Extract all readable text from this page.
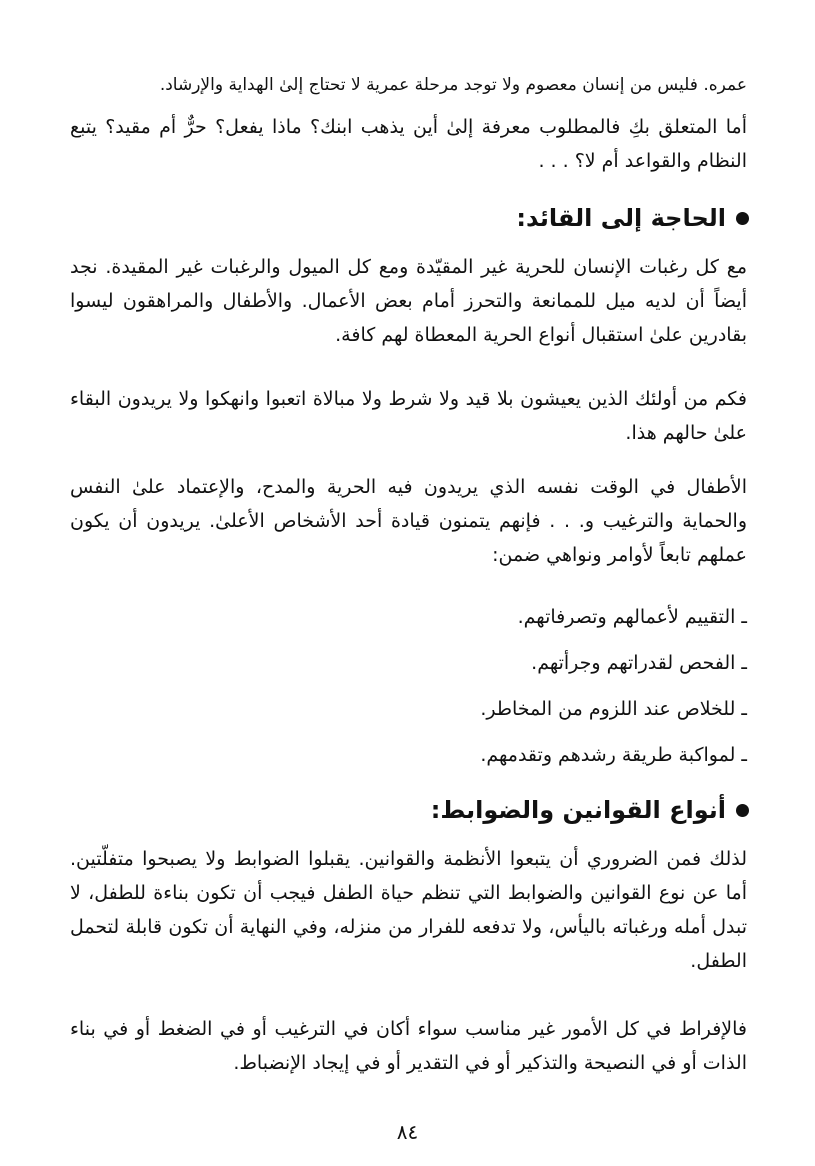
عمره. فليس من إنسان معصوم ولا توجد مرحلة عمرية لا تحتاج إلىٰ الهداية والإرشاد.

أما المتعلق بكِ فالمطلوب معرفة إلىٰ أين يذهب ابنك؟ ماذا يفعل؟ حرٌّ أم مقيد؟ يتبع النظام والقواعد أم لا؟ . . .

الحاجة إلى القائد:

مع كل رغبات الإنسان للحرية غير المقيّدة ومع كل الميول والرغبات غير المقيدة. نجد أيضاً أن لديه ميل للممانعة والتحرز أمام بعض الأعمال. والأطفال والمراهقون ليسوا بقادرين علىٰ استقبال أنواع الحرية المعطاة لهم كافة.

فكم من أولئك الذين يعيشون بلا قيد ولا شرط ولا مبالاة اتعبوا وانهكوا ولا يريدون البقاء علىٰ حالهم هذا.

الأطفال في الوقت نفسه الذي يريدون فيه الحرية والمدح، والإعتماد علىٰ النفس والحماية والترغيب و. . . فإنهم يتمنون قيادة أحد الأشخاص الأعلىٰ. يريدون أن يكون عملهم تابعاً لأوامر ونواهي ضمن:

ـ التقييم لأعمالهم وتصرفاتهم.
ـ الفحص لقدراتهم وجرأتهم.
ـ للخلاص عند اللزوم من المخاطر.
ـ لمواكبة طريقة رشدهم وتقدمهم.
أنواع القوانين والضوابط:

لذلك فمن الضروري أن يتبعوا الأنظمة والقوانين. يقبلوا الضوابط ولا يصبحوا متفلّتين. أما عن نوع القوانين والضوابط التي تنظم حياة الطفل فيجب أن تكون بناءة للطفل، لا تبدل أمله ورغباته باليأس، ولا تدفعه للفرار من منزله، وفي النهاية أن تكون قابلة لتحمل الطفل.

فالإفراط في كل الأمور غير مناسب سواء أكان في الترغيب أو في الضغط أو في بناء الذات أو في النصيحة والتذكير أو في التقدير أو في إيجاد الإنضباط.

٨٤
